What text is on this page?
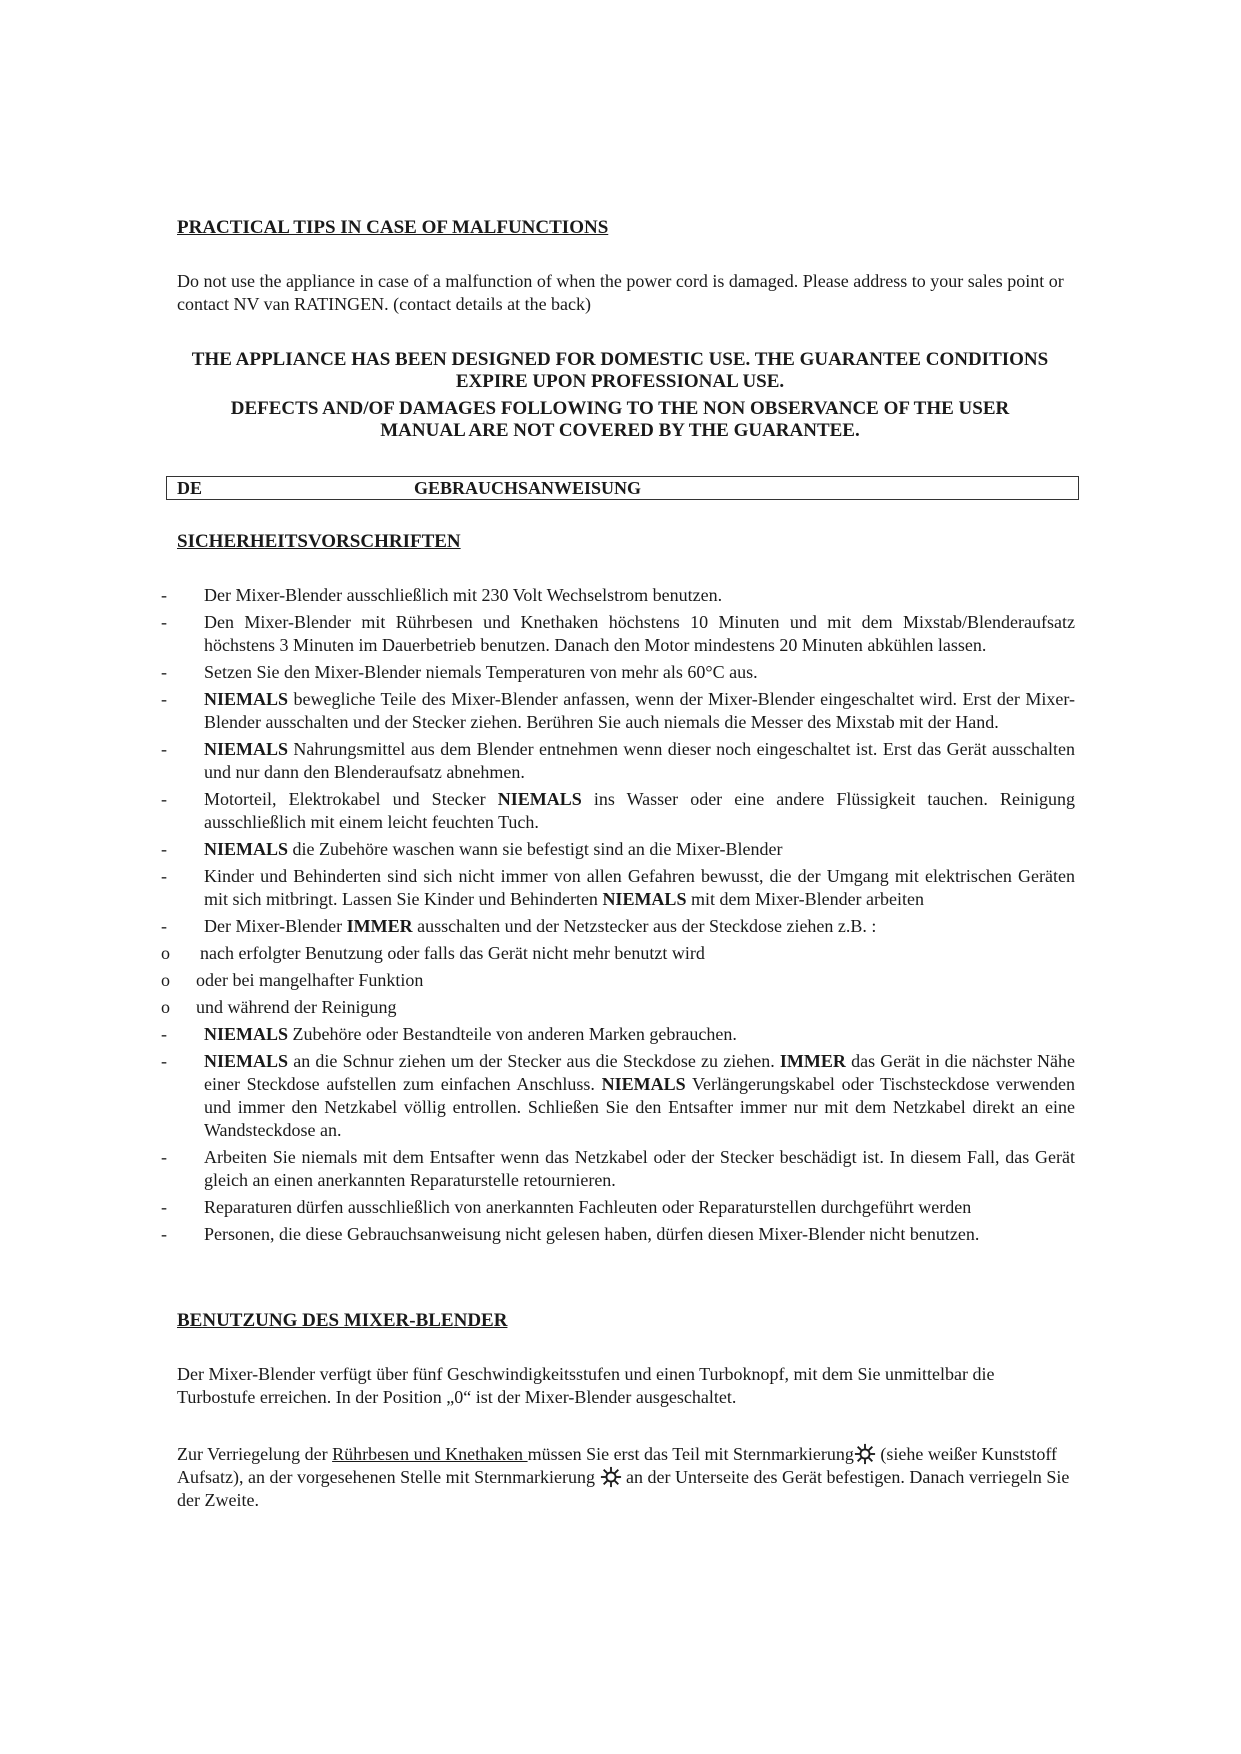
PRACTICAL TIPS IN CASE OF MALFUNCTIONS

Do not use the appliance in case of a malfunction of when the power cord is damaged. Please address to your sales point or contact NV van RATINGEN. (contact details at the back)

THE APPLIANCE HAS BEEN DESIGNED FOR DOMESTIC USE. THE GUARANTEE CONDITIONS
EXPIRE UPON PROFESSIONAL USE.
DEFECTS AND/OF DAMAGES FOLLOWING TO THE NON OBSERVANCE OF THE USER
MANUAL ARE NOT COVERED BY THE GUARANTEE.
DE	GEBRAUCHSANWEISUNG
SICHERHEITSVORSCHRIFTEN
-	Der Mixer-Blender ausschließlich mit 230 Volt Wechselstrom benutzen.
-	Den Mixer-Blender mit Rührbesen und Knethaken höchstens 10 Minuten und mit dem Mixstab/Blenderaufsatz höchstens 3 Minuten im Dauerbetrieb benutzen. Danach den Motor mindestens 20 Minuten abkühlen lassen.
-	Setzen Sie den Mixer-Blender niemals Temperaturen von mehr als 60°C aus.
-	NIEMALS bewegliche Teile des Mixer-Blender anfassen, wenn der Mixer-Blender eingeschaltet wird. Erst der Mixer-Blender ausschalten und der Stecker ziehen. Berühren Sie auch niemals die Messer des Mixstab mit der Hand.
-	NIEMALS Nahrungsmittel aus dem Blender entnehmen wenn dieser noch eingeschaltet ist. Erst das Gerät ausschalten und nur dann den Blenderaufsatz abnehmen.
-	Motorteil, Elektrokabel und Stecker NIEMALS ins Wasser oder eine andere Flüssigkeit tauchen. Reinigung ausschließlich mit einem leicht feuchten Tuch.
-	NIEMALS die Zubehöre waschen wann sie befestigt sind an die Mixer-Blender
-	Kinder und Behinderten sind sich nicht immer von allen Gefahren bewusst, die der Umgang mit elektrischen Geräten mit sich mitbringt. Lassen Sie Kinder und Behinderten NIEMALS mit dem Mixer-Blender arbeiten
-	Der Mixer-Blender IMMER ausschalten und der Netzstecker aus der Steckdose ziehen z.B. :
o nach erfolgter Benutzung oder falls das Gerät nicht mehr benutzt wird
o oder bei mangelhafter Funktion
o und während der Reinigung
-	NIEMALS Zubehöre oder Bestandteile von anderen Marken gebrauchen.
-	NIEMALS an die Schnur ziehen um der Stecker aus die Steckdose zu ziehen. IMMER das Gerät in die nächster Nähe einer Steckdose aufstellen zum einfachen Anschluss. NIEMALS Verlängerungskabel oder Tischsteckdose verwenden und immer den Netzkabel völlig entrollen. Schließen Sie den Entsafter immer nur mit dem Netzkabel direkt an eine Wandsteckdose an.
-	Arbeiten Sie niemals mit dem Entsafter wenn das Netzkabel oder der Stecker beschädigt ist. In diesem Fall, das Gerät gleich an einen anerkannten Reparaturstelle retournieren.
-	Reparaturen dürfen ausschließlich von anerkannten Fachleuten oder Reparaturstellen durchgeführt werden
-	Personen, die diese Gebrauchsanweisung nicht gelesen haben, dürfen diesen Mixer-Blender nicht benutzen.
BENUTZUNG DES MIXER-BLENDER

Der Mixer-Blender verfügt über fünf Geschwindigkeitsstufen und einen Turboknopf, mit dem Sie unmittelbar die Turbostufe erreichen. In der Position „0“ ist der Mixer-Blender ausgeschaltet.

Zur Verriegelung der Rührbesen und Knethaken müssen Sie erst das Teil mit Sternmarkierung (siehe weißer Kunststoff Aufsatz), an der vorgesehenen Stelle mit Sternmarkierung  an der Unterseite des Gerät befestigen. Danach verriegeln Sie der Zweite.
